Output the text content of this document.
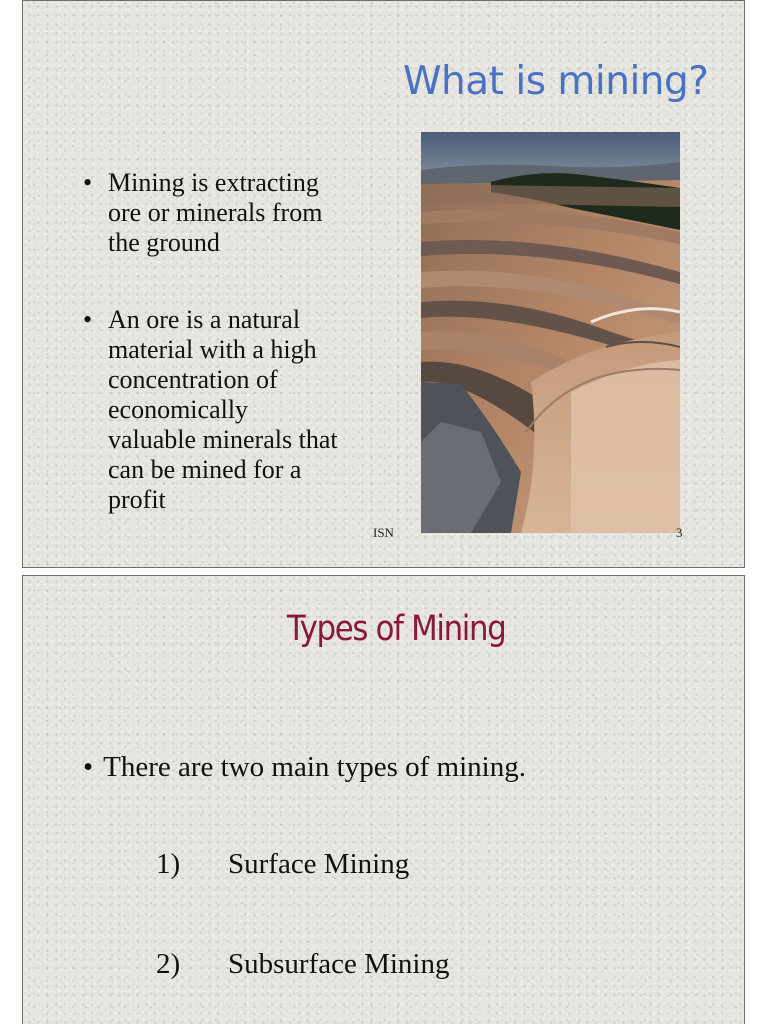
What is mining?
• Mining is extracting
ore or minerals from
the ground
• An ore is a natural
material with a high
concentration of
economically
valuable minerals that
can be mined for a
profit
ISN	3
Types of Mining
• There are two main types of mining.
1) Surface Mining
2) Subsurface Mining
